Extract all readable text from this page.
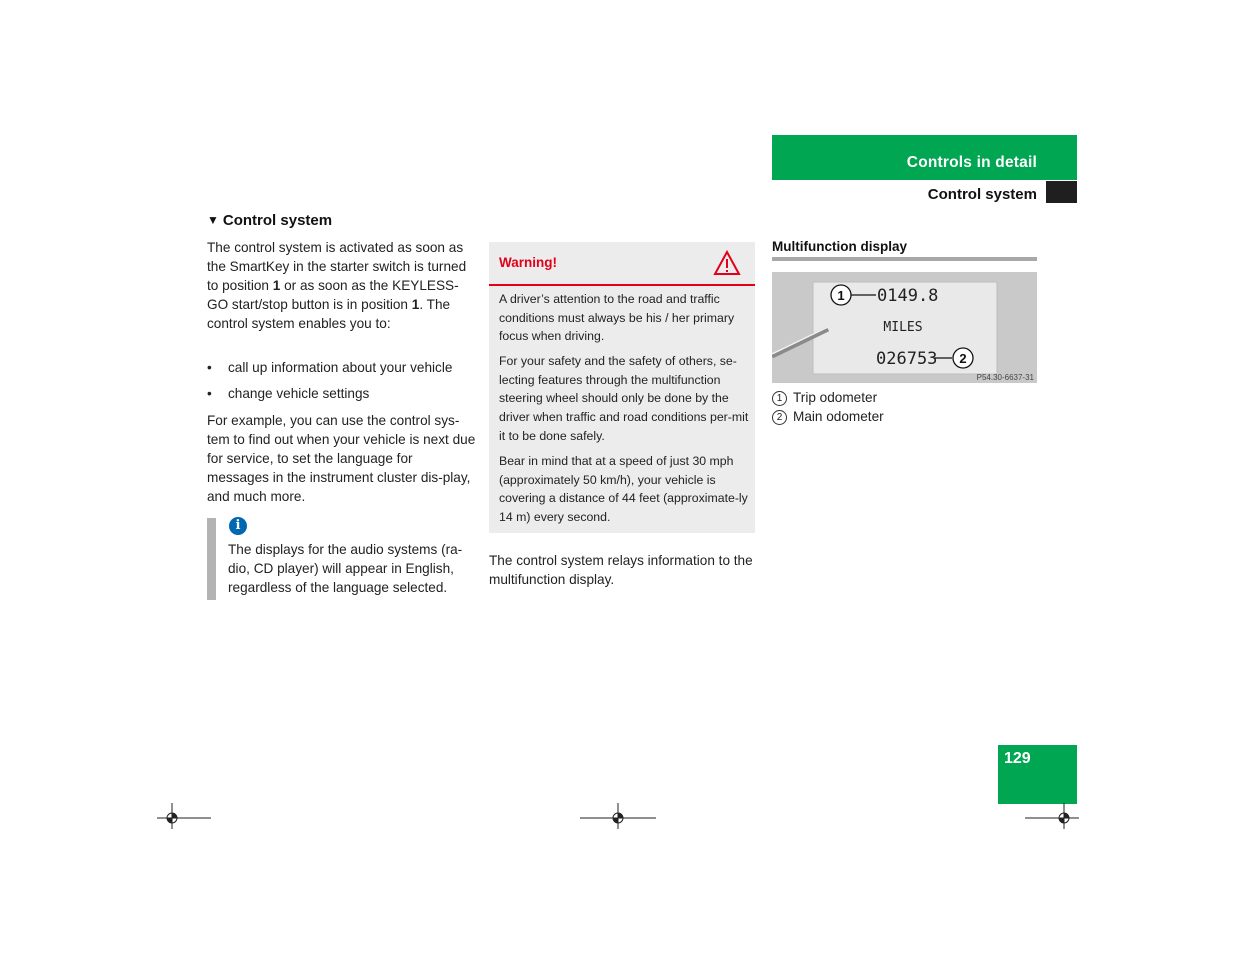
Controls in detail
Control system
▼ Control system
The control system is activated as soon as the SmartKey in the starter switch is turned to position 1 or as soon as the KEYLESS-GO start/stop button is in position 1. The control system enables you to:
• call up information about your vehicle
• change vehicle settings
For example, you can use the control sys-tem to find out when your vehicle is next due for service, to set the language for messages in the instrument cluster dis-play, and much more.
i
The displays for the audio systems (ra-dio, CD player) will appear in English, regardless of the language selected.
Warning!
A driver’s attention to the road and traffic conditions must always be his / her primary focus when driving.
For your safety and the safety of others, se-lecting features through the multifunction steering wheel should only be done by the driver when traffic and road conditions per-mit it to be done safely.
Bear in mind that at a speed of just 30 mph (approximately 50 km/h), your vehicle is covering a distance of 44 feet (approximate-ly 14 m) every second.
The control system relays information to the multifunction display.
Multifunction display
1 0149.8
MILES
026753 2
P54.30-6637-31
1 Trip odometer
2 Main odometer
129
